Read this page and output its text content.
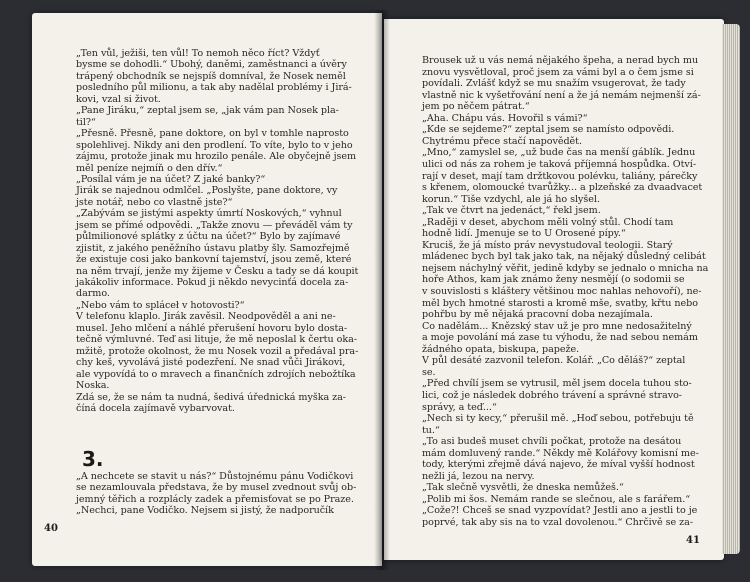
„Ten vůl, ježiši, ten vůl! To nemoh něco říct? Vždyť
bysme se dohodli.“ Ubohý, daněmi, zaměstnanci a úvěry
trápený obchodník se nejspíš domníval, že Nosek neměl
posledního půl milionu, a tak aby nadělal problémy i Jirá-
kovi, vzal si život.
„Pane Jiráku,“ zeptal jsem se, „jak vám pan Nosek pla-
til?“
„Přesně. Přesně, pane doktore, on byl v tomhle naprosto
spolehlivej. Nikdy ani den prodlení. To víte, bylo to v jeho
zájmu, protože jinak mu hrozilo penále. Ale obyčejně jsem
měl peníze nejmíň o den dřív.“
„Posílal vám je na účet? Z jaké banky?“
Jirák se najednou odmlčel. „Poslyšte, pane doktore, vy
jste notář, nebo co vlastně jste?“
„Zabývám se jistými aspekty úmrtí Noskových,“ vyhnul
jsem se přímé odpovědi. „Takže znovu — převáděl vám ty
půlmilionové splátky z účtu na účet?“ Bylo by zajímavé
zjistit, z jakého peněžního ústavu platby šly. Samozřejmě
že existuje cosi jako bankovní tajemství, jsou země, které
na něm trvají, jenže my žijeme v Česku a tady se dá koupit
jakákoliv informace. Pokud ji někdo nevycinťá docela za-
darmo.
„Nebo vám to spláceł v hotovosti?“
V telefonu klaplo. Jirák zavěsil. Neodpověděl a ani ne-
musel. Jeho mlčení a náhlé přerušení hovoru bylo dosta-
tečně výmluvné. Teď asi lituje, že mě neposlal k čertu oka-
mžitě, protože okolnost, že mu Nosek vozil a předával pra-
chy keš, vyvolává jisté podezření. Ne snad vůči Jirákovi,
ale vypovídá to o mravech a finančních zdrojích nebožtíka
Noska.
Zdá se, že se nám ta nudná, šedivá úřednická myška za-
číná docela zajímavě vybarvovat.
3.
„A nechcete se stavit u nás?“ Důstojnému pánu Vodičkovi
se nezamlouvala představa, že by musel zvednout svůj ob-
jemný těřich a rozplácly zadek a přemisťovat se po Praze.
„Nechci, pane Vodičko. Nejsem si jistý, že nadporučík
40
Brousek už u vás nemá nějakého špeha, a nerad bych mu
znovu vysvětloval, proč jsem za vámi byl a o čem jsme si
povídali. Zvlášť když se mu snažím vsugerovat, že tady
vlastně nic k vyšetřování není a že já nemám nejmenší zá-
jem po něčem pátrat.“
„Aha. Chápu vás. Hovořil s vámi?“
„Kde se sejdeme?“ zeptal jsem se namísto odpovědi.
Chytrému přece stačí napovědět.
„Mno,“ zamyslel se, „už bude čas na menší gáblík. Jednu
ulici od nás za rohem je taková příjemná hospůdka. Otví-
rají v deset, mají tam držtkovou polévku, taliány, párečky
s křenem, olomoucké tvarůžky... a plzeňské za dvaadvacet
korun.“ Tiše vzdychl, ale já ho slyšel.
„Tak ve čtvrt na jedenáct,“ řekl jsem.
„Raději v deset, abychom měli volný stůl. Chodí tam
hodně lidí. Jmenuje se to U Orosené pípy.“
Kruciš, že já místo práv nevystudoval teologii. Starý
mládenec bych byl tak jako tak, na nějaký důsledný celibát
nejsem náchylný věřit, jedině kdyby se jednalo o mnicha na
hoře Athos, kam jak známo ženy nesmějí (o sodomii se
v souvislosti s kláštery většinou moc nahlas nehovoří), ne-
měl bych hmotné starosti a kromě mše, svatby, křtu nebo
pohřbu by mě nějaká pracovní doba nezajímala.
Co nadělám... Knězský stav už je pro mne nedosažitelný
a moje povolání má zase tu výhodu, že nad sebou nemám
žádného opata, biskupa, papeže.
V půl desáté zazvonil telefon. Kolář. „Co děláš?“ zeptal
se.
„Před chvílí jsem se vytrusil, měl jsem docela tuhou sto-
lici, což je následek dobrého trávení a správné stravo-
správy, a teď...“
„Nech si ty kecy,“ přerušil mě. „Hoď sebou, potřebuju tě
tu.“
„To asi budeš muset chvíli počkat, protože na desátou
mám domluvený rande.“ Někdy mě Kolářovy komisní me-
tody, kterými zřejmě dává najevo, že míval vyšší hodnost
nežli já, lezou na nervy.
„Tak slečně vysvětli, že dneska nemůžeš.“
„Polib mi šos. Nemám rande se slečnou, ale s farářem.“
„Cože?! Chceš se snad vyzpovídat? Jestli ano a jestli to je
poprvé, tak aby sis na to vzal dovolenou.“ Chrčivě se za-
41
